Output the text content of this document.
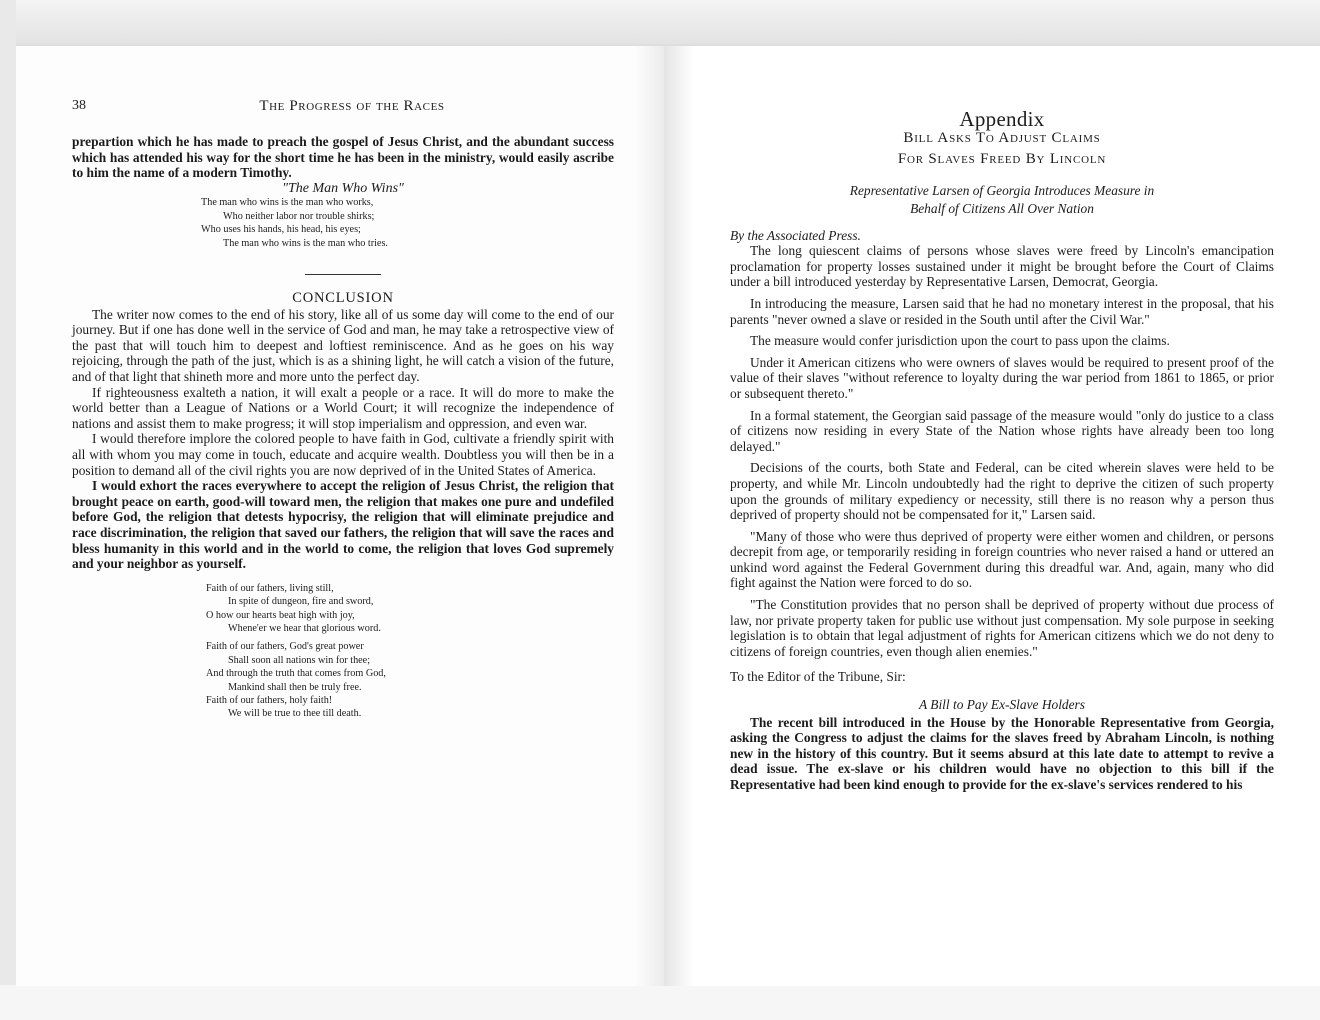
38	The Progress of the Races

prepartion which he has made to preach the gospel of Jesus Christ, and the abundant success which has attended his way for the short time he has been in the ministry, would easily ascribe to him the name of a modern Timothy.

"The Man Who Wins"

The man who wins is the man who works,
Who neither labor nor trouble shirks;
Who uses his hands, his head, his eyes;
The man who wins is the man who tries.

CONCLUSION

The writer now comes to the end of his story, like all of us some day will come to the end of our journey. But if one has done well in the service of God and man, he may take a retrospective view of the past that will touch him to deepest and loftiest reminiscence. And as he goes on his way rejoicing, through the path of the just, which is as a shining light, he will catch a vision of the future, and of that light that shineth more and more unto the perfect day.

If righteousness exalteth a nation, it will exalt a people or a race. It will do more to make the world better than a League of Nations or a World Court; it will recognize the independence of nations and assist them to make progress; it will stop imperialism and oppression, and even war.

I would therefore implore the colored people to have faith in God, cultivate a friendly spirit with all with whom you may come in touch, educate and acquire wealth. Doubtless you will then be in a position to demand all of the civil rights you are now deprived of in the United States of America.

I would exhort the races everywhere to accept the religion of Jesus Christ, the religion that brought peace on earth, good-will toward men, the religion that makes one pure and undefiled before God, the religion that detests hypocrisy, the religion that will eliminate prejudice and race discrimination, the religion that saved our fathers, the religion that will save the races and bless humanity in this world and in the world to come, the religion that loves God supremely and your neighbor as yourself.

Faith of our fathers, living still,
In spite of dungeon, fire and sword,
O how our hearts beat high with joy,
Whene'er we hear that glorious word.
Faith of our fathers, God's great power
Shall soon all nations win for thee;
And through the truth that comes from God,
Mankind shall then be truly free.
Faith of our fathers, holy faith!
We will be true to thee till death.

Appendix

Bill Asks To Adjust Claims
For Slaves Freed By Lincoln
Representative Larsen of Georgia Introduces Measure in
Behalf of Citizens All Over Nation

By the Associated Press.

The long quiescent claims of persons whose slaves were freed by Lincoln's emancipation proclamation for property losses sustained under it might be brought before the Court of Claims under a bill introduced yesterday by Representative Larsen, Democrat, Georgia.

In introducing the measure, Larsen said that he had no monetary interest in the proposal, that his parents "never owned a slave or resided in the South until after the Civil War."

The measure would confer jurisdiction upon the court to pass upon the claims.

Under it American citizens who were owners of slaves would be required to present proof of the value of their slaves "without reference to loyalty during the war period from 1861 to 1865, or prior or subsequent thereto."

In a formal statement, the Georgian said passage of the measure would "only do justice to a class of citizens now residing in every State of the Nation whose rights have already been too long delayed."

Decisions of the courts, both State and Federal, can be cited wherein slaves were held to be property, and while Mr. Lincoln undoubtedly had the right to deprive the citizen of such property upon the grounds of military expediency or necessity, still there is no reason why a person thus deprived of property should not be compensated for it," Larsen said.

"Many of those who were thus deprived of property were either women and children, or persons decrepit from age, or temporarily residing in foreign countries who never raised a hand or uttered an unkind word against the Federal Government during this dreadful war. And, again, many who did fight against the Nation were forced to do so.

"The Constitution provides that no person shall be deprived of property without due process of law, nor private property taken for public use without just compensation. My sole purpose in seeking legislation is to obtain that legal adjustment of rights for American citizens which we do not deny to citizens of foreign countries, even though alien enemies."

To the Editor of the Tribune, Sir:

A Bill to Pay Ex-Slave Holders

The recent bill introduced in the House by the Honorable Representative from Georgia, asking the Congress to adjust the claims for the slaves freed by Abraham Lincoln, is nothing new in the history of this country. But it seems absurd at this late date to attempt to revive a dead issue. The ex-slave or his children would have no objection to this bill if the Representative had been kind enough to provide for the ex-slave's services rendered to his
